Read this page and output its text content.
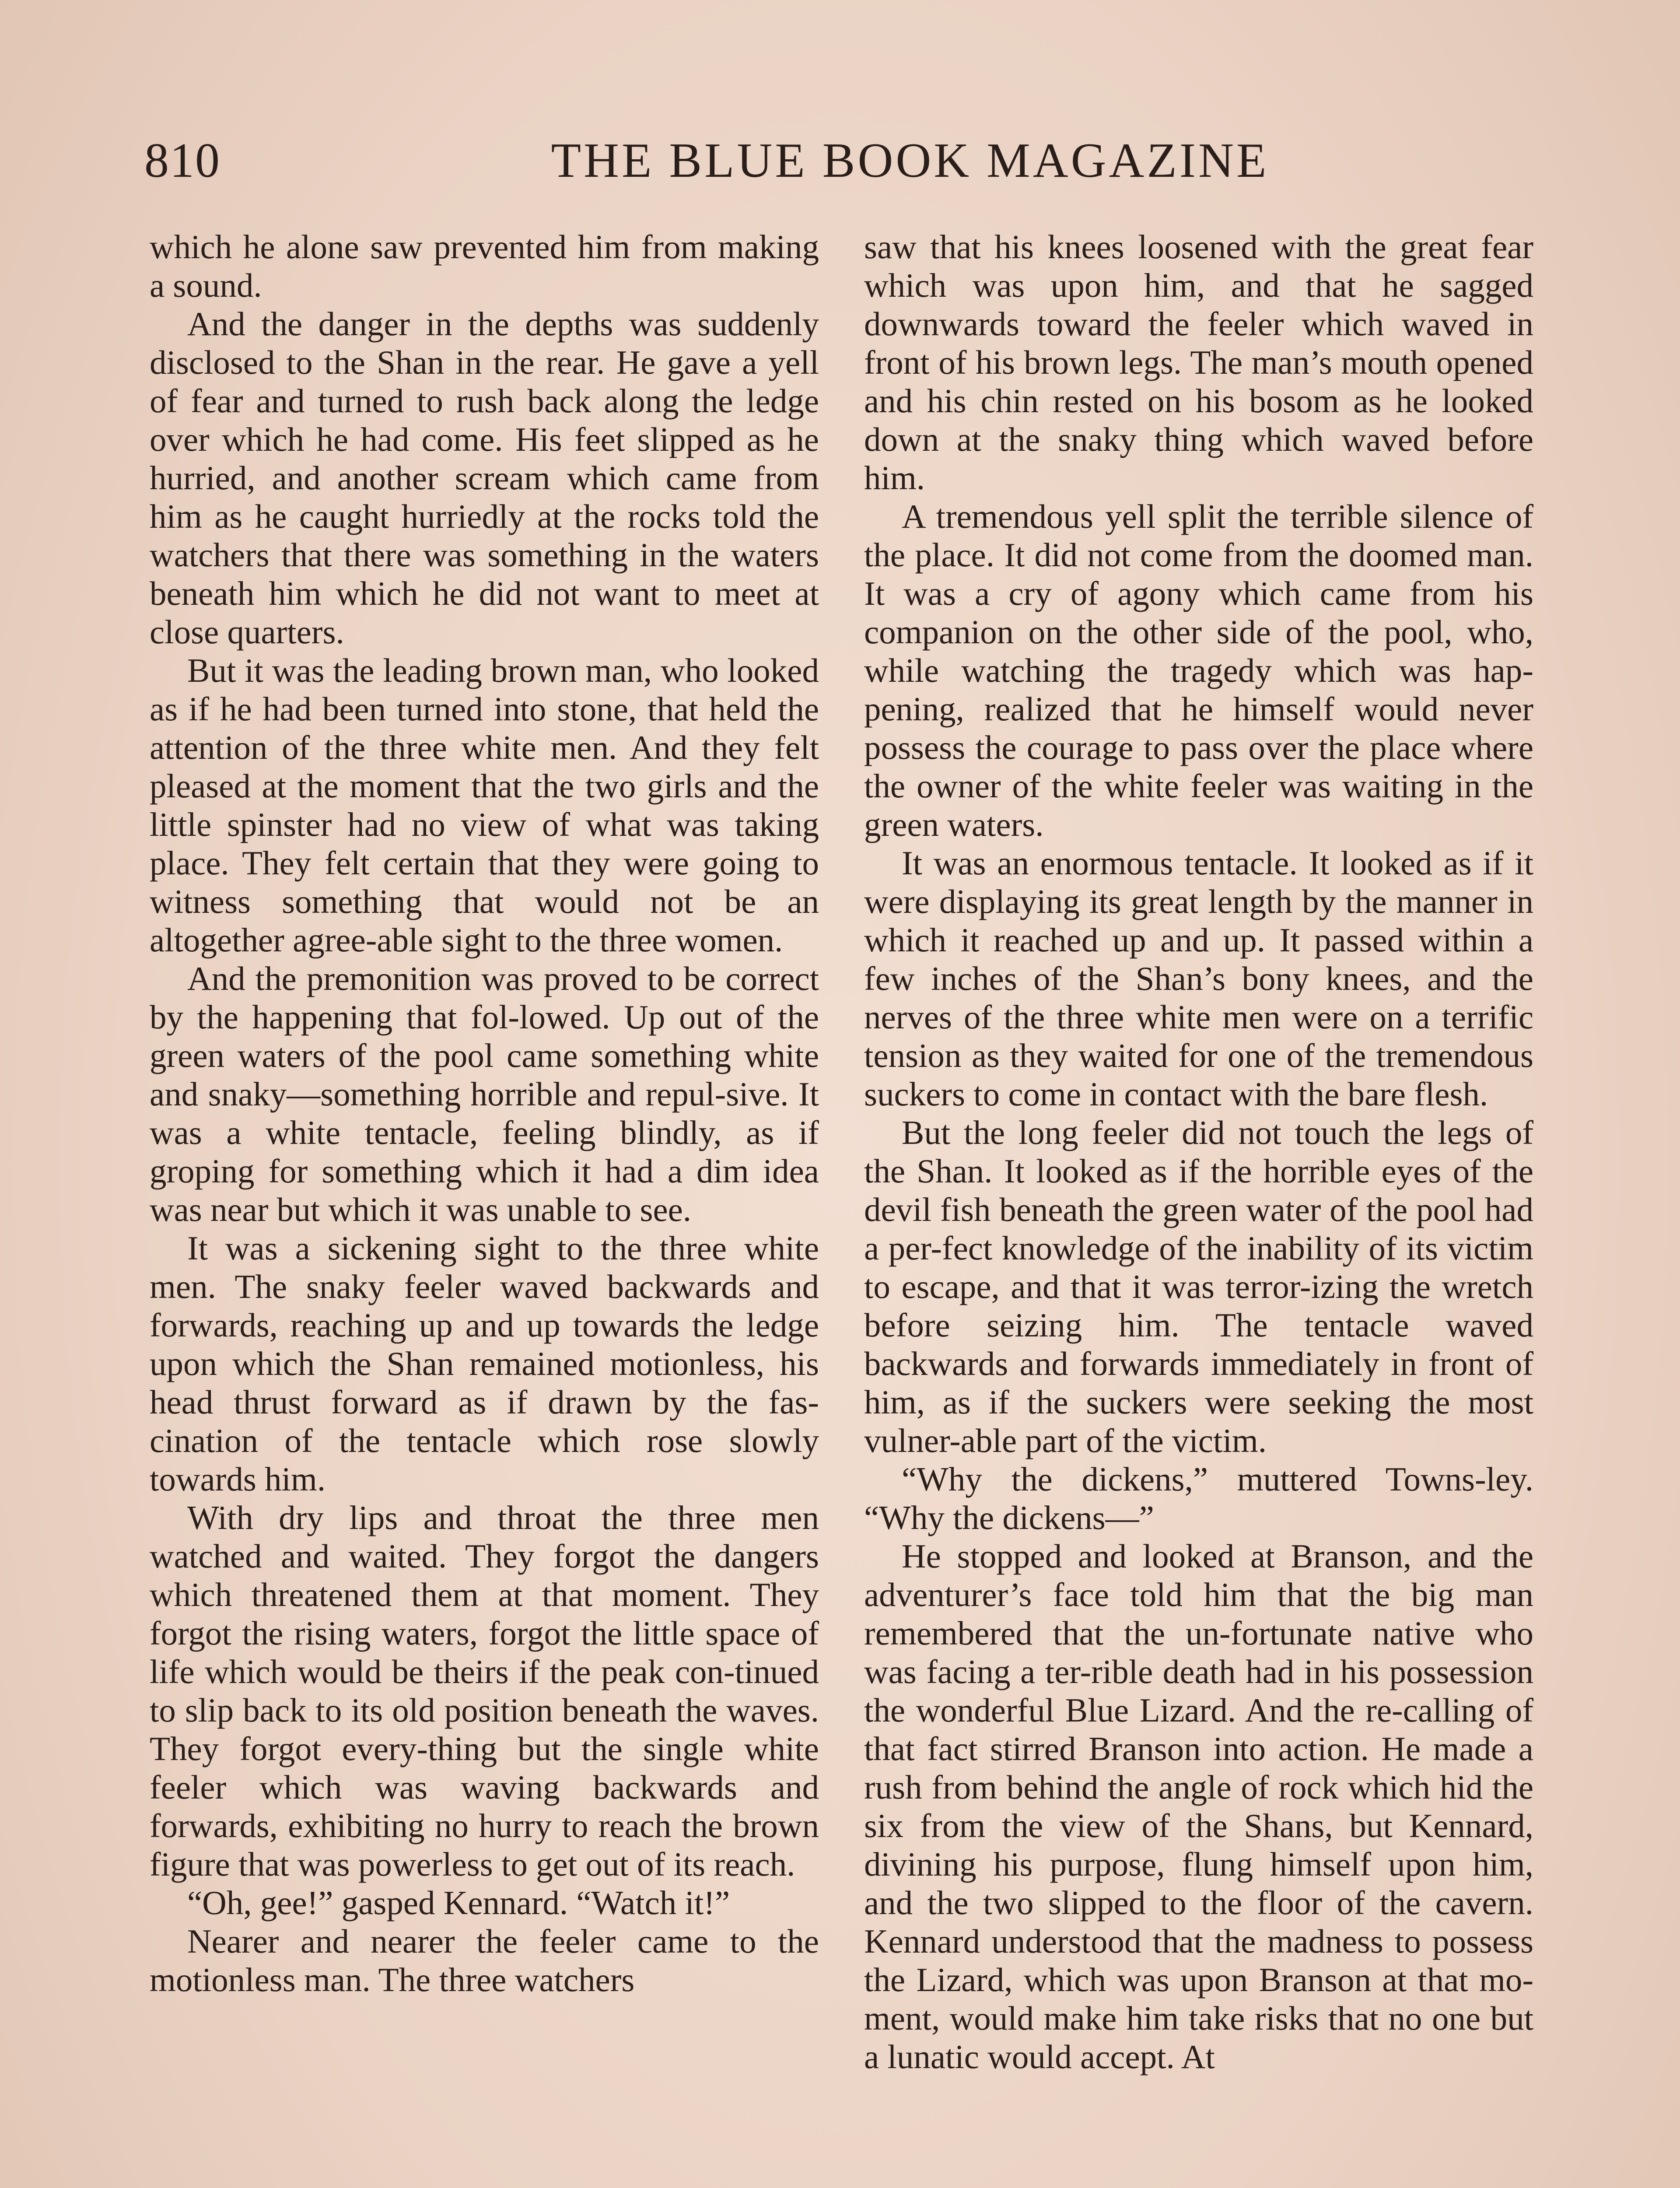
810	THE BLUE BOOK MAGAZINE

which he alone saw prevented him from making a sound.

And the danger in the depths was suddenly disclosed to the Shan in the rear. He gave a yell of fear and turned to rush back along the ledge over which he had come. His feet slipped as he hurried, and another scream which came from him as he caught hurriedly at the rocks told the watchers that there was something in the waters beneath him which he did not want to meet at close quarters.

But it was the leading brown man, who looked as if he had been turned into stone, that held the attention of the three white men. And they felt pleased at the moment that the two girls and the little spinster had no view of what was taking place. They felt certain that they were going to witness something that would not be an altogether agree-able sight to the three women.

And the premonition was proved to be correct by the happening that fol-lowed. Up out of the green waters of the pool came something white and snaky—something horrible and repul-sive. It was a white tentacle, feeling blindly, as if groping for something which it had a dim idea was near but which it was unable to see.

It was a sickening sight to the three white men. The snaky feeler waved backwards and forwards, reaching up and up towards the ledge upon which the Shan remained motionless, his head thrust forward as if drawn by the fas-cination of the tentacle which rose slowly towards him.

With dry lips and throat the three men watched and waited. They forgot the dangers which threatened them at that moment. They forgot the rising waters, forgot the little space of life which would be theirs if the peak con-tinued to slip back to its old position beneath the waves. They forgot every-thing but the single white feeler which was waving backwards and forwards, exhibiting no hurry to reach the brown figure that was powerless to get out of its reach.

“Oh, gee!” gasped Kennard. “Watch it!”

Nearer and nearer the feeler came to the motionless man. The three watchers

saw that his knees loosened with the great fear which was upon him, and that he sagged downwards toward the feeler which waved in front of his brown legs. The man’s mouth opened and his chin rested on his bosom as he looked down at the snaky thing which waved before him.

A tremendous yell split the terrible silence of the place. It did not come from the doomed man. It was a cry of agony which came from his companion on the other side of the pool, who, while watching the tragedy which was hap-pening, realized that he himself would never possess the courage to pass over the place where the owner of the white feeler was waiting in the green waters.

It was an enormous tentacle. It looked as if it were displaying its great length by the manner in which it reached up and up. It passed within a few inches of the Shan’s bony knees, and the nerves of the three white men were on a terrific tension as they waited for one of the tremendous suckers to come in contact with the bare flesh.

But the long feeler did not touch the legs of the Shan. It looked as if the horrible eyes of the devil fish beneath the green water of the pool had a per-fect knowledge of the inability of its victim to escape, and that it was terror-izing the wretch before seizing him. The tentacle waved backwards and forwards immediately in front of him, as if the suckers were seeking the most vulner-able part of the victim.

“Why the dickens,” muttered Towns-ley. “Why the dickens—”

He stopped and looked at Branson, and the adventurer’s face told him that the big man remembered that the un-fortunate native who was facing a ter-rible death had in his possession the wonderful Blue Lizard. And the re-calling of that fact stirred Branson into action. He made a rush from behind the angle of rock which hid the six from the view of the Shans, but Kennard, divining his purpose, flung himself upon him, and the two slipped to the floor of the cavern. Kennard understood that the madness to possess the Lizard, which was upon Branson at that mo-ment, would make him take risks that no one but a lunatic would accept. At
